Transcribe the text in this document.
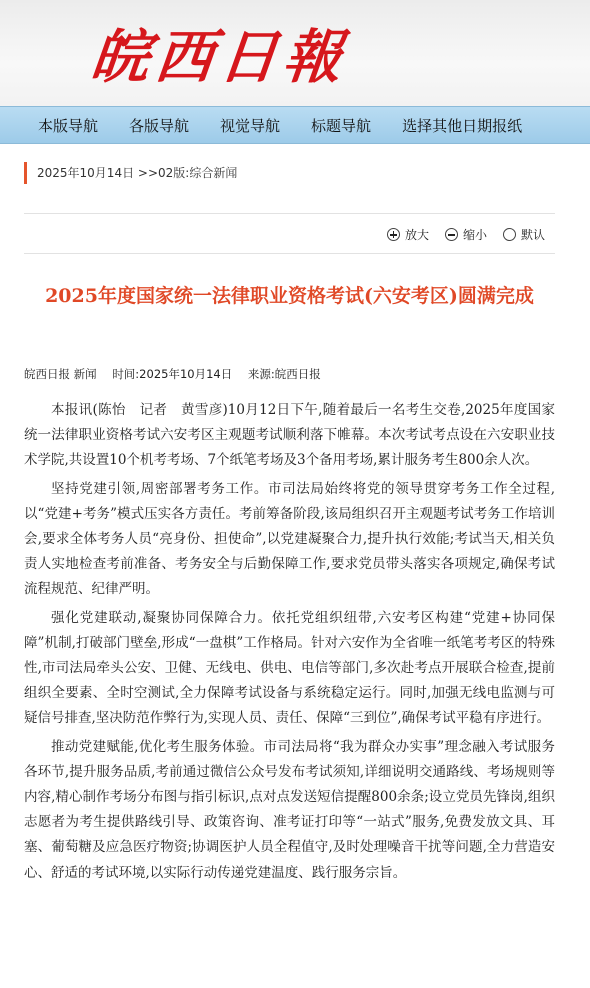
皖西日報
本版导航 各版导航 视觉导航 标题导航 选择其他日期报纸
2025年10月14日 >>02版:综合新闻
放大	缩小	默认
2025年度国家统一法律职业资格考试(六安考区)圆满完成
皖西日报 新闻 时间:2025年10月14日 来源:皖西日报

本报讯(陈怡　记者　黄雪彦)10月12日下午,随着最后一名考生交卷,2025年度国家统一法律职业资格考试六安考区主观题考试顺利落下帷幕。本次考试考点设在六安职业技术学院,共设置10个机考考场、7个纸笔考场及3个备用考场,累计服务考生800余人次。

坚持党建引领,周密部署考务工作。市司法局始终将党的领导贯穿考务工作全过程,以“党建+考务”模式压实各方责任。考前筹备阶段,该局组织召开主观题考试考务工作培训会,要求全体考务人员“亮身份、担使命”,以党建凝聚合力,提升执行效能;考试当天,相关负责人实地检查考前准备、考务安全与后勤保障工作,要求党员带头落实各项规定,确保考试流程规范、纪律严明。

强化党建联动,凝聚协同保障合力。依托党组织纽带,六安考区构建“党建+协同保障”机制,打破部门壁垒,形成“一盘棋”工作格局。针对六安作为全省唯一纸笔考考区的特殊性,市司法局牵头公安、卫健、无线电、供电、电信等部门,多次赴考点开展联合检查,提前组织全要素、全时空测试,全力保障考试设备与系统稳定运行。同时,加强无线电监测与可疑信号排查,坚决防范作弊行为,实现人员、责任、保障“三到位”,确保考试平稳有序进行。

推动党建赋能,优化考生服务体验。市司法局将“我为群众办实事”理念融入考试服务各环节,提升服务品质,考前通过微信公众号发布考试须知,详细说明交通路线、考场规则等内容,精心制作考场分布图与指引标识,点对点发送短信提醒800余条;设立党员先锋岗,组织志愿者为考生提供路线引导、政策咨询、准考证打印等“一站式”服务,免费发放文具、耳塞、葡萄糖及应急医疗物资;协调医护人员全程值守,及时处理噪音干扰等问题,全力营造安心、舒适的考试环境,以实际行动传递党建温度、践行服务宗旨。
